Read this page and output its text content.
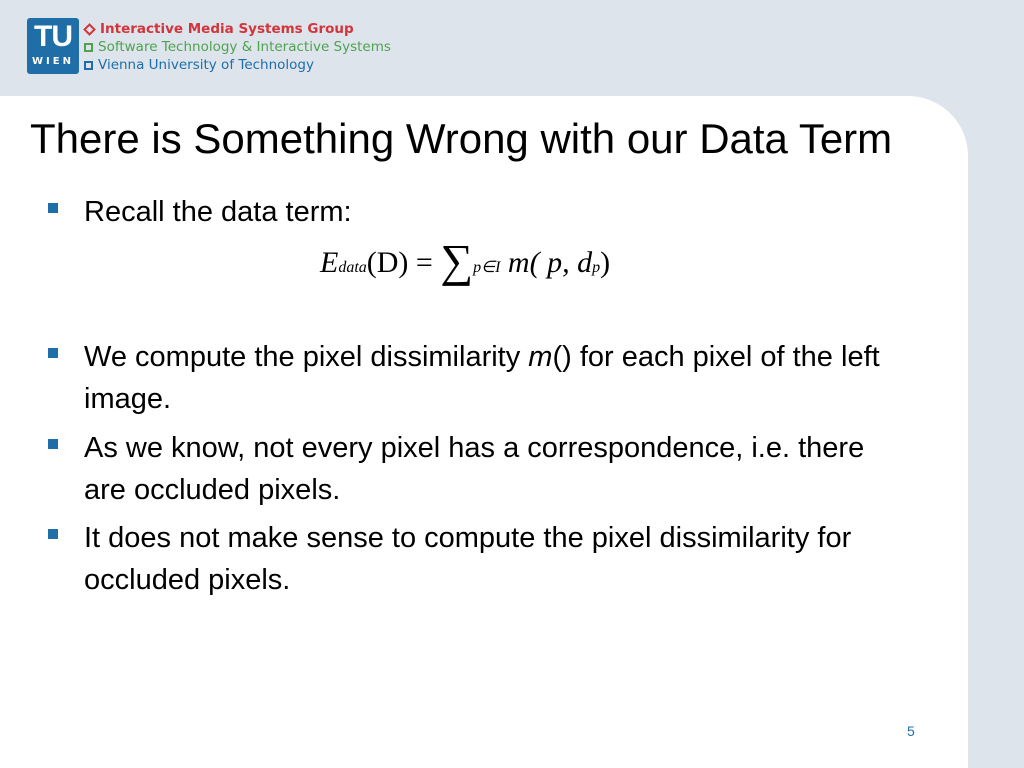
TU
WIEN
Interactive Media Systems Group
Software Technology & Interactive Systems
Vienna University of Technology
There is Something Wrong with our Data Term
Recall the data term:
Edata(D) = ∑p∈I m( p, dp)
We compute the pixel dissimilarity m() for each pixel of the left image.
As we know, not every pixel has a correspondence, i.e. there are occluded pixels.
It does not make sense to compute the pixel dissimilarity for occluded pixels.
5
